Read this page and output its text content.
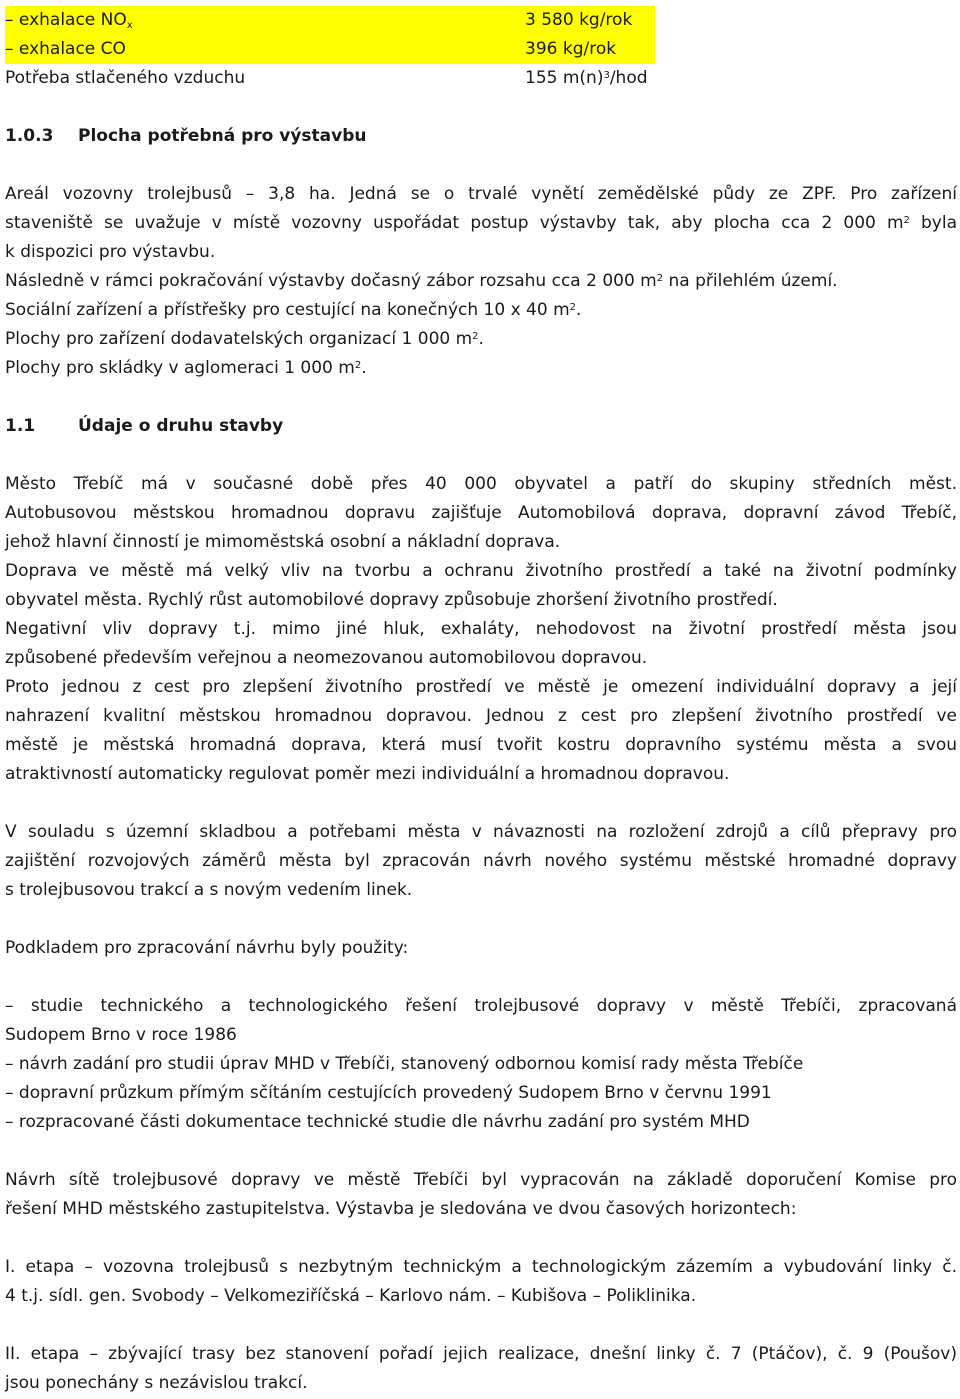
– exhalace NOx	3 580 kg/rok
– exhalace CO	396 kg/rok
Potřeba stlačeného vzduchu	155 $m(n)^3$/hod
1.0.3 Plocha potřebná pro výstavbu
Areál vozovny trolejbusů – 3,8 ha. Jedná se o trvalé vynětí zemědělské půdy ze ZPF. Pro zařízení
staveniště se uvažuje v místě vozovny uspořádat postup výstavby tak, aby plocha cca 2 000 $m^2$ byla
k dispozici pro výstavbu.
Následně v rámci pokračování výstavby dočasný zábor rozsahu cca 2 000 $m^2$ na přilehlém území.
Sociální zařízení a přístřešky pro cestující na konečných 10 x 40 $m^2$.
Plochy pro zařízení dodavatelských organizací 1 000 $m^2$.
Plochy pro skládky v aglomeraci 1 000 $m^2$.
1.1	Údaje o druhu stavby
Město Třebíč má v současné době přes 40 000 obyvatel a patří do skupiny středních měst.
Autobusovou městskou hromadnou dopravu zajišťuje Automobilová doprava, dopravní závod Třebíč,
jehož hlavní činností je mimoměstská osobní a nákladní doprava.
Doprava ve městě má velký vliv na tvorbu a ochranu životního prostředí a také na životní podmínky
obyvatel města. Rychlý růst automobilové dopravy způsobuje zhoršení životního prostředí.
Negativní vliv dopravy t.j. mimo jiné hluk, exhaláty, nehodovost na životní prostředí města jsou
způsobené především veřejnou a neomezovanou automobilovou dopravou.
Proto jednou z cest pro zlepšení životního prostředí ve městě je omezení individuální dopravy a její
nahrazení kvalitní městskou hromadnou dopravou. Jednou z cest pro zlepšení životního prostředí ve
městě je městská hromadná doprava, která musí tvořit kostru dopravního systému města a svou
atraktivností automaticky regulovat poměr mezi individuální a hromadnou dopravou.
V souladu s územní skladbou a potřebami města v návaznosti na rozložení zdrojů a cílů přepravy pro
zajištění rozvojových záměrů města byl zpracován návrh nového systému městské hromadné dopravy
s trolejbusovou trakcí a s novým vedením linek.
Podkladem pro zpracování návrhu byly použity:
– studie technického a technologického řešení trolejbusové dopravy v městě Třebíči, zpracovaná
Sudopem Brno v roce 1986
– návrh zadání pro studii úprav MHD v Třebíči, stanovený odbornou komisí rady města Třebíče
– dopravní průzkum přímým sčítáním cestujících provedený Sudopem Brno v červnu 1991
– rozpracované části dokumentace technické studie dle návrhu zadání pro systém MHD
Návrh sítě trolejbusové dopravy ve městě Třebíči byl vypracován na základě doporučení Komise pro
řešení MHD městského zastupitelstva. Výstavba je sledována ve dvou časových horizontech:
I. etapa – vozovna trolejbusů s nezbytným technickým a technologickým zázemím a vybudování linky č.
4 t.j. sídl. gen. Svobody – Velkomeziříčská – Karlovo nám. – Kubišova – Poliklinika.
II. etapa – zbývající trasy bez stanovení pořadí jejich realizace, dnešní linky č. 7 (Ptáčov), č. 9 (Poušov)
jsou ponechány s nezávislou trakcí.
